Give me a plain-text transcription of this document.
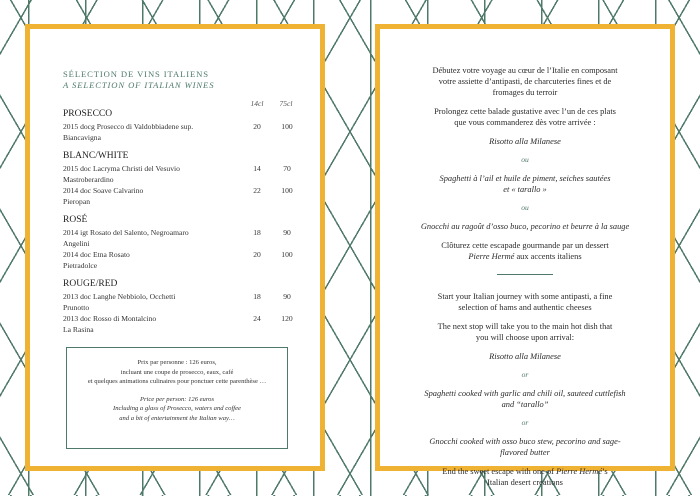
SÉLECTION DE VINS ITALIENS
A SELECTION OF ITALIAN WINES
14cl	75cl
PROSECCO
2015 docg Prosecco di Valdobbiadene sup.
Biancavigna
20	100
BLANC/WHITE
2015 doc Lacryma Christi del Vesuvio
Mastroberardino
14	70
2014 doc Soave Calvarino
Pieropan
22	100
ROSÉ
2014 igt Rosato del Salento, Negroamaro
Angelini
18	90
2014 doc Etna Rosato
Pietradolce
20	100
ROUGE/RED
2013 doc Langhe Nebbiolo, Occhetti
Prunotto
18	90
2013 doc Rosso di Montalcino
La Rasina
24	120
Prix par personne : 126 euros,
incluant une coupe de prosecco, eaux, café
et quelques animations culinaires pour ponctuer cette parenthèse …
Price per person: 126 euros
Including a glass of Prosecco, waters and coffee
and a bit of entertainment the Italian way…

Débutez votre voyage au cœur de l’Italie en composant
votre assiette d’antipasti, de charcuteries fines et de
fromages du terroir

Prolongez cette balade gustative avec l’un de ces plats
que vous commanderez dès votre arrivée :

Risotto alla Milanese

ou

Spaghetti à l’ail et huile de piment, seiches sautées
et « tarallo »

ou

Gnocchi au ragoût d’osso buco, pecorino et beurre à la sauge

Clôturez cette escapade gourmande par un dessert
Pierre Hermé aux accents italiens

Start your Italian journey with some antipasti, a fine
selection of hams and authentic cheeses

The next stop will take you to the main hot dish that
you will choose upon arrival:

Risotto alla Milanese

or

Spaghetti cooked with garlic and chili oil, sauteed cuttlefish
and “tarallo”

or

Gnocchi cooked with osso buco stew, pecorino and sage-
flavored butter

End the sweet escape with one of Pierre Hermé’s
Italian desert creations
